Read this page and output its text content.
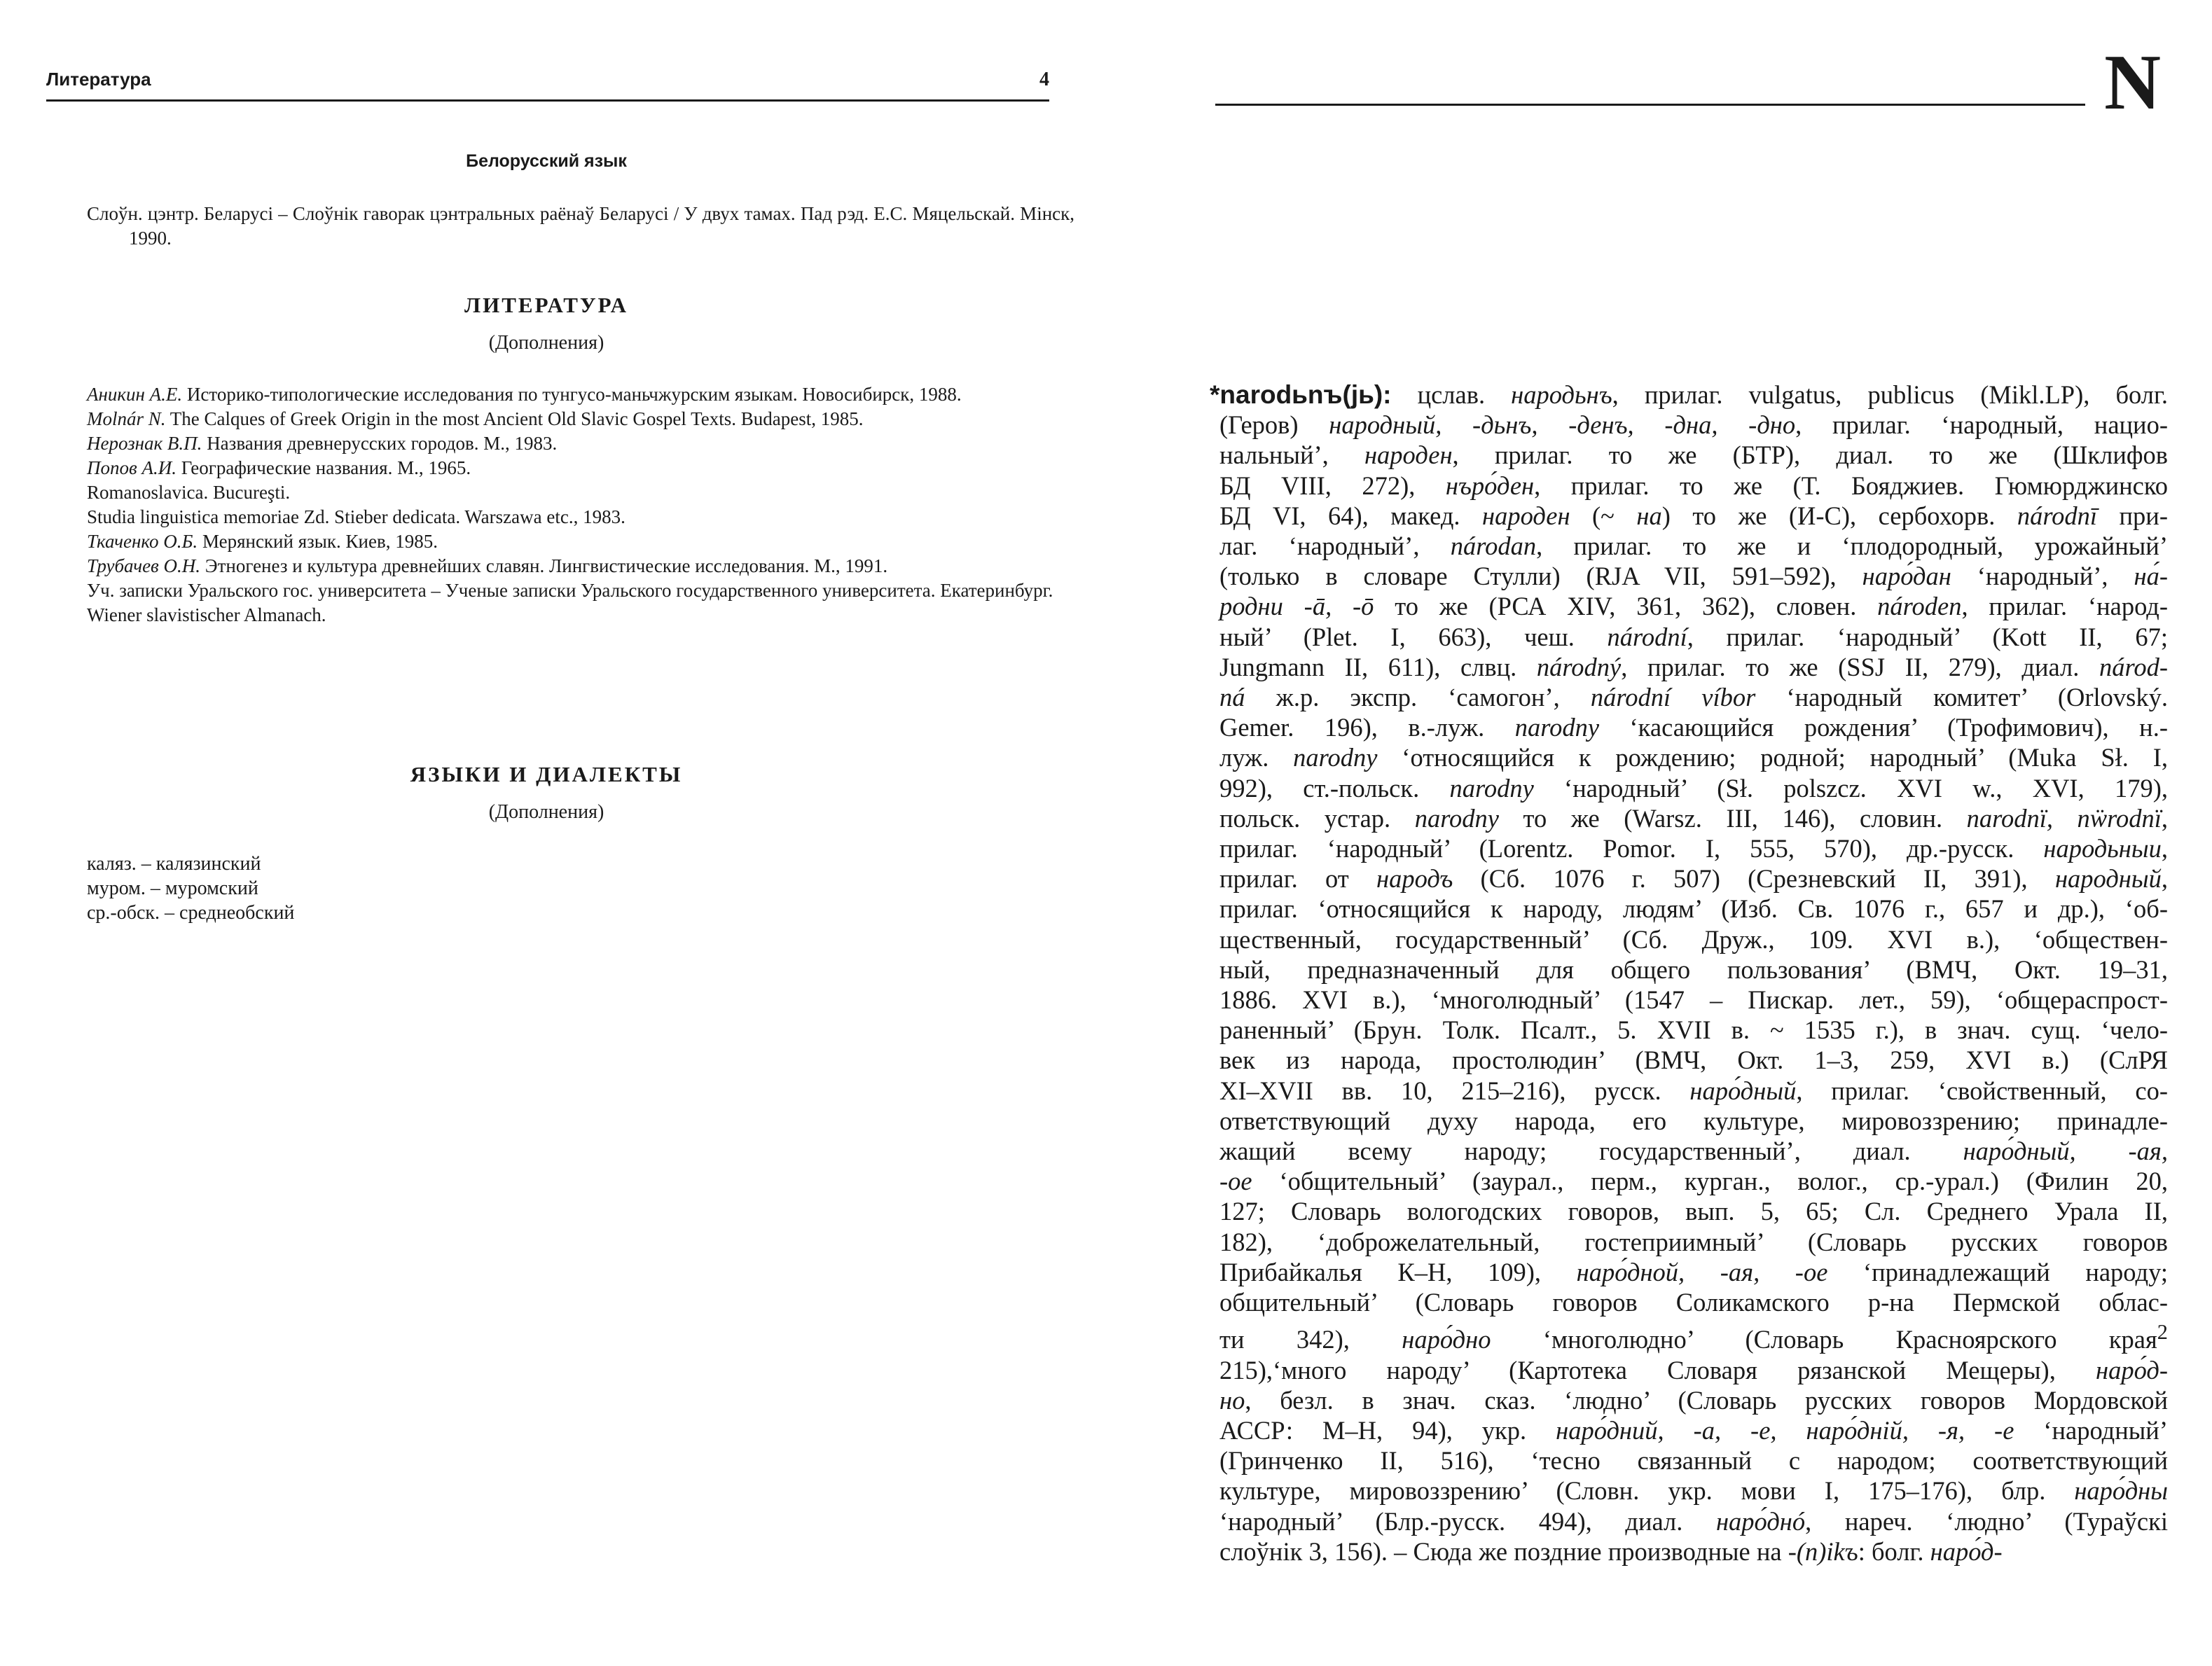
Литература	4
Белорусский язык

Слоўн. цэнтр. Беларусі – Слоўнік гаворак цэнтральных раёнаў Беларусі / У двух тамах. Пад рэд. Е.С. Мяцельскай. Мінск, 1990.

ЛИТЕРАТУРА
(Дополнения)

Аникин А.Е. Историко-типологические исследования по тунгусо-маньчжурским языкам. Новосибирск, 1988.

Molnár N. The Calques of Greek Origin in the most Ancient Old Slavic Gospel Texts. Budapest, 1985.

Нерознак В.П. Названия древнерусских городов. М., 1983.

Попов А.И. Географические названия. М., 1965.

Romanoslavica. Bucureşti.

Studia linguistica memoriae Zd. Stieber dedicata. Warszawa etc., 1983.

Ткаченко О.Б. Мерянский язык. Киев, 1985.

Трубачев О.Н. Этногенез и культура древнейших славян. Лингвистические исследования. М., 1991.

Уч. записки Уральского гос. университета – Ученые записки Уральского государственного университета. Екатеринбург.

Wiener slavistischer Almanach.

ЯЗЫКИ И ДИАЛЕКТЫ
(Дополнения)
каляз. – калязинский
муром. – муромский
ср.-обск. – среднеобский
N
*narodьnъ(jь): цслав. народьнъ, прилаг. vulgatus, publicus (Mikl.LP), болг.
(Геров) народный, -дьнъ, -денъ, -дна, -дно, прилаг. ‘народный, нацио-
нальный’, народен, прилаг. то же (БТР), диал. то же (Шклифов
БД VIII, 272), нъро́ден, прилаг. то же (Т. Бояджиев. Гюмюрджинско
БД VI, 64), макед. народен (~ на) то же (И-С), сербохорв. národnī при-
лаг. ‘народный’, národan, прилаг. то же и ‘плодородный, урожайный’
(только в словаре Стулли) (RJA VII, 591–592), наро́дан ‘народный’, на́-
родни -ā, -ō то же (РСА XIV, 361, 362), словен. národen, прилаг. ‘народ-
ный’ (Plet. I, 663), чеш. národní, прилаг. ‘народный’ (Kott II, 67;
Jungmann II, 611), слвц. národný, прилаг. то же (SSJ II, 279), диал. národ-
ná ж.р. экспр. ‘самогон’, národní víbor ‘народный комитет’ (Orlovský.
Gemer. 196), в.-луж. narodny ‘касающийся рождения’ (Трофимович), н.-
луж. narodny ‘относящийся к рождению; родной; народный’ (Muka Sł. I,
992), ст.-польск. narodny ‘народный’ (Sł. polszcz. XVI w., XVI, 179),
польск. устар. narodny то же (Warsz. III, 146), словин. narodnï, nẅrodnï,
прилаг. ‘народный’ (Lorentz. Pomor. I, 555, 570), др.-русск. народьныи,
прилаг. от народъ (Сб. 1076 г. 507) (Срезневский II, 391), народный,
прилаг. ‘относящийся к народу, людям’ (Изб. Св. 1076 г., 657 и др.), ‘об-
щественный, государственный’ (Сб. Друж., 109. XVI в.), ‘обществен-
ный, предназначенный для общего пользования’ (ВМЧ, Окт. 19–31,
1886. XVI в.), ‘многолюдный’ (1547 – Пискар. лет., 59), ‘общераспрост-
раненный’ (Брун. Толк. Псалт., 5. XVII в. ~ 1535 г.), в знач. сущ. ‘чело-
век из народа, простолюдин’ (ВМЧ, Окт. 1–3, 259, XVI в.) (СлРЯ
XI–XVII вв. 10, 215–216), русск. наро́дный, прилаг. ‘свойственный, со-
ответствующий духу народа, его культуре, мировоззрению; принадле-
жащий всему народу; государственный’, диал. наро́дный, -ая,
-ое ‘общительный’ (заурал., перм., курган., волог., ср.-урал.) (Филин 20,
127; Словарь вологодских говоров, вып. 5, 65; Сл. Среднего Урала II,
182), ‘доброжелательный, гостеприимный’ (Словарь русских говоров
Прибайкалья К–Н, 109), наро́дной, -ая, -ое ‘принадлежащий народу;
общительный’ (Словарь говоров Соликамского р-на Пермской облас-
ти 342), наро́дно ‘многолюдно’ (Словарь Красноярского края$^2$
215),‘много народу’ (Картотека Словаря рязанской Мещеры), наро́д-
но, безл. в знач. сказ. ‘людно’ (Словарь русских говоров Мордовской
АССР: М–Н, 94), укр. наро́дний, -а, -е, наро́днiй, -я, -е ‘народный’
(Гринченко II, 516), ‘тесно связанный с народом; соответствующий
культуре, мировоззрению’ (Словн. укр. мови I, 175–176), блр. наро́дны
‘народный’ (Блр.-русск. 494), диал. наро́днó, нареч. ‘людно’ (Тураўскі
слоўнік 3, 156). – Сюда же поздние производные на -(n)ikъ: болг. наро́д-
